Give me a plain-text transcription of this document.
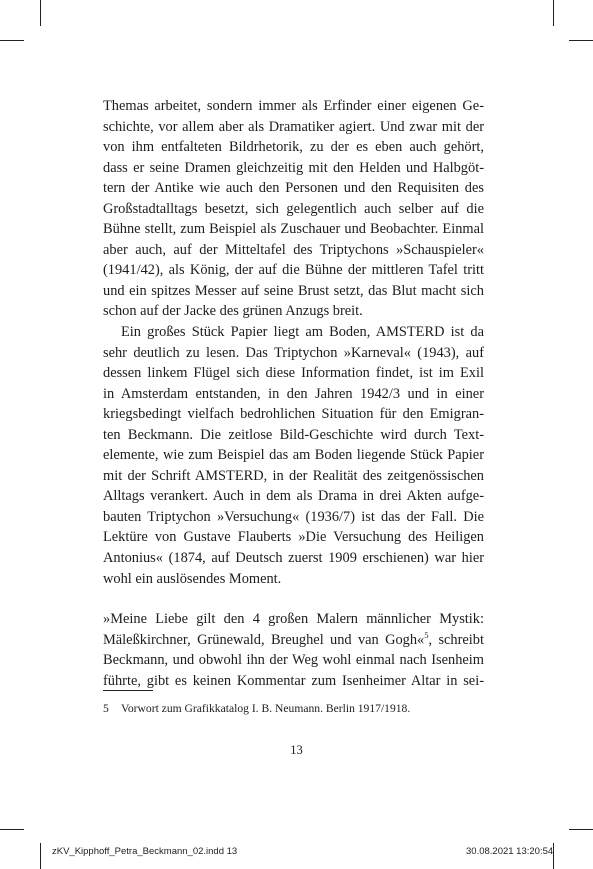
Themas arbeitet, sondern immer als Erfinder einer eigenen Ge-
schichte, vor allem aber als Dramatiker agiert. Und zwar mit der
von ihm entfalteten Bildrhetorik, zu der es eben auch gehört,
dass er seine Dramen gleichzeitig mit den Helden und Halbgöt-
tern der Antike wie auch den Personen und den Requisiten des
Großstadtalltags besetzt, sich gelegentlich auch selber auf die
Bühne stellt, zum Beispiel als Zuschauer und Beobachter. Einmal
aber auch, auf der Mitteltafel des Triptychons »Schauspieler«
(1941/42), als König, der auf die Bühne der mittleren Tafel tritt
und ein spitzes Messer auf seine Brust setzt, das Blut macht sich
schon auf der Jacke des grünen Anzugs breit.
Ein großes Stück Papier liegt am Boden, AMSTERD ist da
sehr deutlich zu lesen. Das Triptychon »Karneval« (1943), auf
dessen linkem Flügel sich diese Information findet, ist im Exil
in Amsterdam entstanden, in den Jahren 1942/3 und in einer
kriegsbedingt vielfach bedrohlichen Situation für den Emigran-
ten Beckmann. Die zeitlose Bild-Geschichte wird durch Text-
elemente, wie zum Beispiel das am Boden liegende Stück Papier
mit der Schrift AMSTERD, in der Realität des zeitgenössischen
Alltags verankert. Auch in dem als Drama in drei Akten aufge-
bauten Triptychon »Versuchung« (1936/7) ist das der Fall. Die
Lektüre von Gustave Flauberts »Die Versuchung des Heiligen
Antonius« (1874, auf Deutsch zuerst 1909 erschienen) war hier
wohl ein auslösendes Moment.
»Meine Liebe gilt den 4 großen Malern männlicher Mystik:
Mäleßkirchner, Grünewald, Breughel und van Gogh«$^5$, schreibt
Beckmann, und obwohl ihn der Weg wohl einmal nach Isenheim
führte, gibt es keinen Kommentar zum Isenheimer Altar in sei-
5 Vorwort zum Grafikkatalog I. B. Neumann. Berlin 1917/1918.
13
zKV_Kipphoff_Petra_Beckmann_02.indd 13	30.08.2021 13:20:54
